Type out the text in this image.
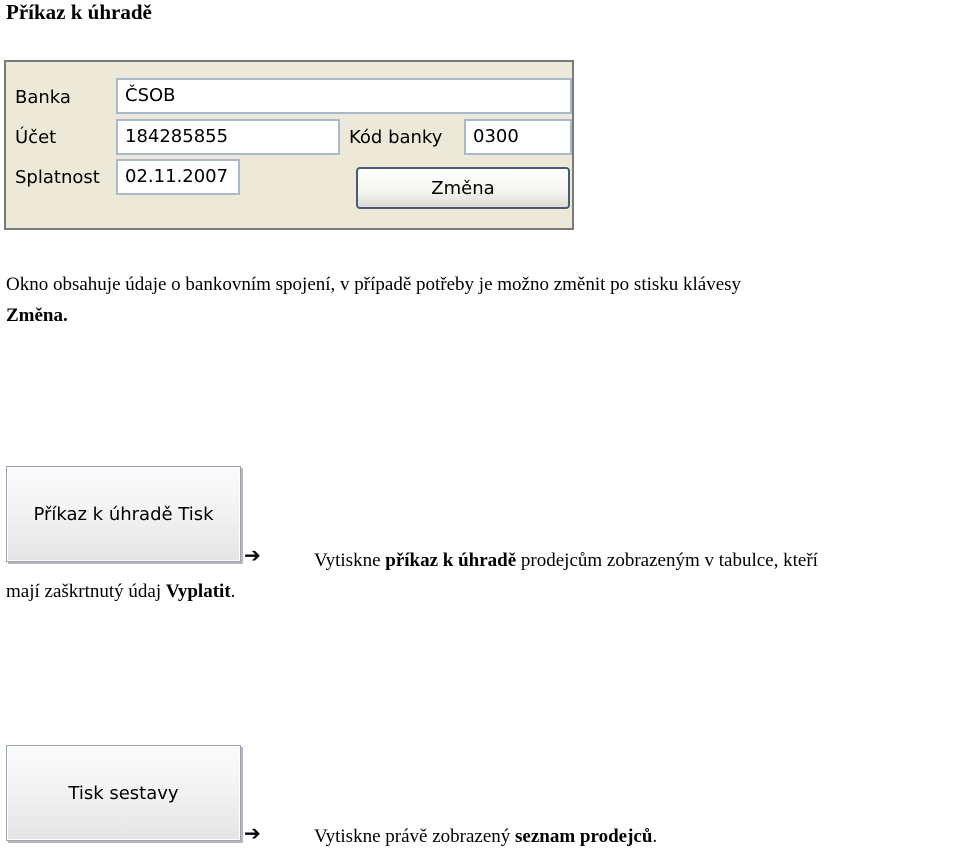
Příkaz k úhradě
Banka	ČSOB
Účet	184285855	Kód banky	0300
Splatnost	02.11.2007
Změna
Okno obsahuje údaje o bankovním spojení, v případě potřeby je možno změnit po stisku klávesy
Změna.
Příkaz k úhradě Tisk
➔	Vytiskne příkaz k úhradě prodejcům zobrazeným v tabulce, kteří
mají zaškrtnutý údaj Vyplatit.
Tisk sestavy
➔	Vytiskne právě zobrazený seznam prodejců.
